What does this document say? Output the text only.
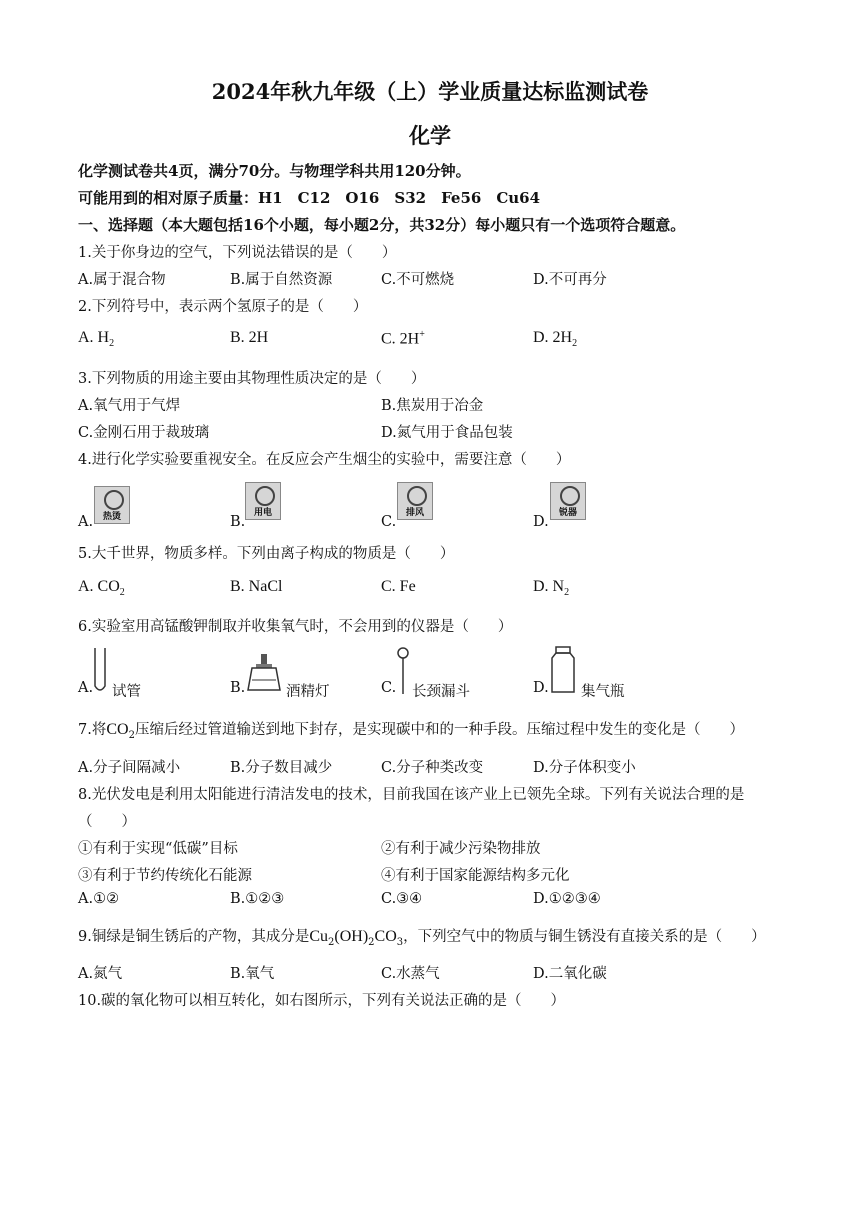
2024年秋九年级（上）学业质量达标监测试卷
化学
化学测试卷共4页，满分70分。与物理学科共用120分钟。
可能用到的相对原子质量：H1　C12　O16　S32　Fe56　Cu64
一、选择题（本大题包括16个小题，每小题2分，共32分）每小题只有一个选项符合题意。
1.关于你身边的空气，下列说法错误的是（　　）
A.属于混合物	B.属于自然资源	C.不可燃烧	D.不可再分
2.下列符号中，表示两个氢原子的是（　　）
A. $H_2$	B. 2H	C. 2H+	D. $2H_2$
3.下列物质的用途主要由其物理性质决定的是（　　）
A.氧气用于气焊	B.焦炭用于冶金
C.金刚石用于裁玻璃	D.氮气用于食品包装
4.进行化学实验要重视安全。在反应会产生烟尘的实验中，需要注意（　　）
A.	热烫	B.
用电
C.
排风
D.
锐器
5.大千世界，物质多样。下列由离子构成的物质是（　　）
A. $CO_2$	B. NaCl	C. Fe	D. $N_2$
6.实验室用高锰酸钾制取并收集氧气时，不会用到的仪器是（　　）
A. 试管	B.	酒精灯	C. 长颈漏斗	D. 集气瓶
7.将$CO_2$压缩后经过管道输送到地下封存，是实现碳中和的一种手段。压缩过程中发生的变化是（　　）
A.分子间隔减小	B.分子数目减少	C.分子种类改变	D.分子体积变小
8.光伏发电是利用太阳能进行清洁发电的技术，目前我国在该产业上已领先全球。下列有关说法合理的是
（　　）
①有利于实现“低碳”目标	②有利于减少污染物排放
③有利于节约传统化石能源	④有利于国家能源结构多元化
A.①②	B.①②③	C.③④	D.①②③④
9.铜绿是铜生锈后的产物，其成分是$Cu_2(OH)_2CO_3$，下列空气中的物质与铜生锈没有直接关系的是（　　）
A.氮气	B.氧气	C.水蒸气	D.二氧化碳
10.碳的氧化物可以相互转化，如右图所示，下列有关说法正确的是（　　）
